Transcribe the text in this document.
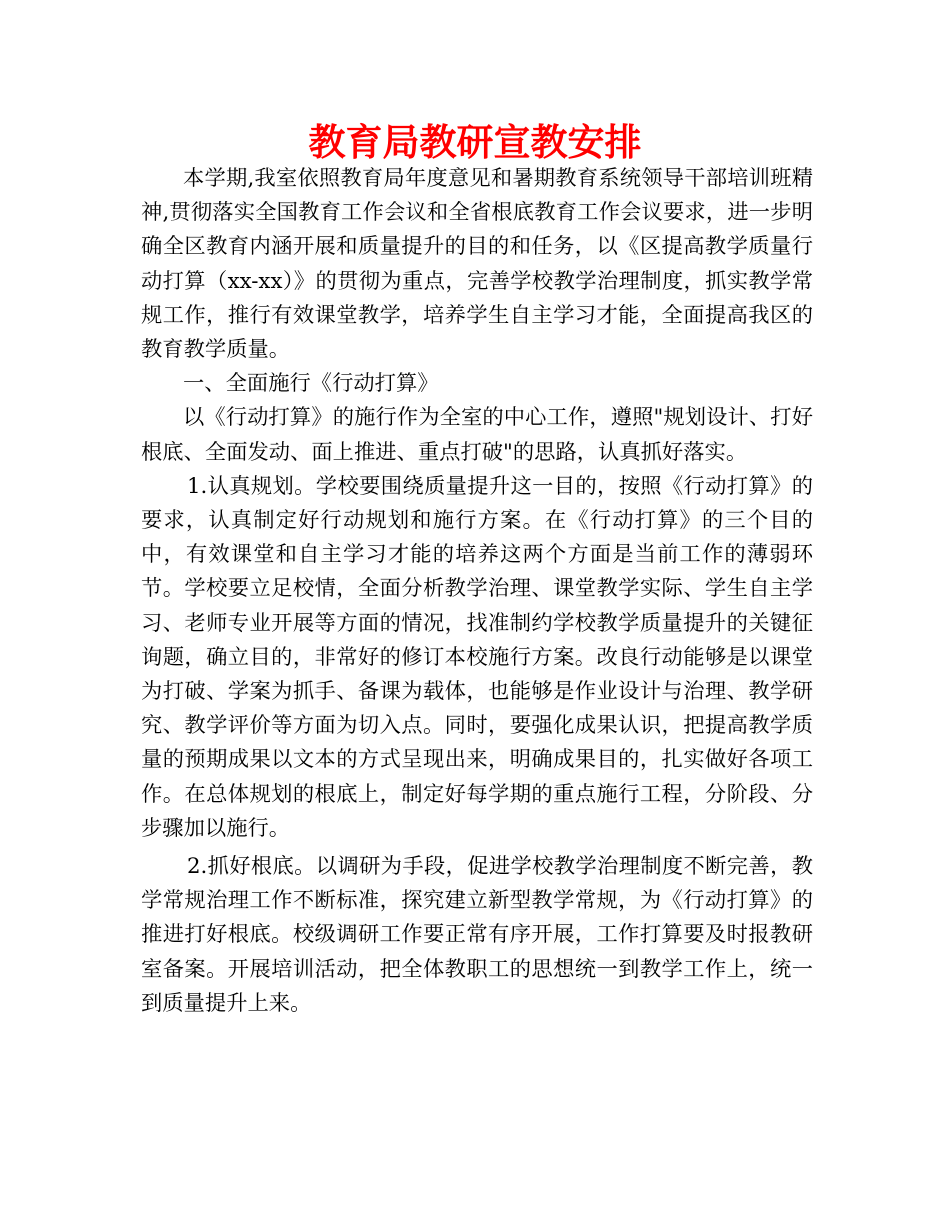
教育局教研宣教安排

本学期,我室依照教育局年度意见和暑期教育系统领导干部培训班精神,贯彻落实全国教育工作会议和全省根底教育工作会议要求，进一步明确全区教育内涵开展和质量提升的目的和任务，以《区提高教学质量行动打算（xx-xx）》的贯彻为重点，完善学校教学治理制度，抓实教学常规工作，推行有效课堂教学，培养学生自主学习才能，全面提高我区的教育教学质量。

一、全面施行《行动打算》

以《行动打算》的施行作为全室的中心工作，遵照"规划设计、打好根底、全面发动、面上推进、重点打破"的思路，认真抓好落实。

1.认真规划。学校要围绕质量提升这一目的，按照《行动打算》的要求，认真制定好行动规划和施行方案。在《行动打算》的三个目的中，有效课堂和自主学习才能的培养这两个方面是当前工作的薄弱环节。学校要立足校情，全面分析教学治理、课堂教学实际、学生自主学习、老师专业开展等方面的情况，找准制约学校教学质量提升的关键征询题，确立目的，非常好的修订本校施行方案。改良行动能够是以课堂为打破、学案为抓手、备课为载体，也能够是作业设计与治理、教学研究、教学评价等方面为切入点。同时，要强化成果认识，把提高教学质量的预期成果以文本的方式呈现出来，明确成果目的，扎实做好各项工作。在总体规划的根底上，制定好每学期的重点施行工程，分阶段、分步骤加以施行。

2.抓好根底。以调研为手段，促进学校教学治理制度不断完善，教学常规治理工作不断标准，探究建立新型教学常规，为《行动打算》的推进打好根底。校级调研工作要正常有序开展，工作打算要及时报教研室备案。开展培训活动，把全体教职工的思想统一到教学工作上，统一到质量提升上来。
